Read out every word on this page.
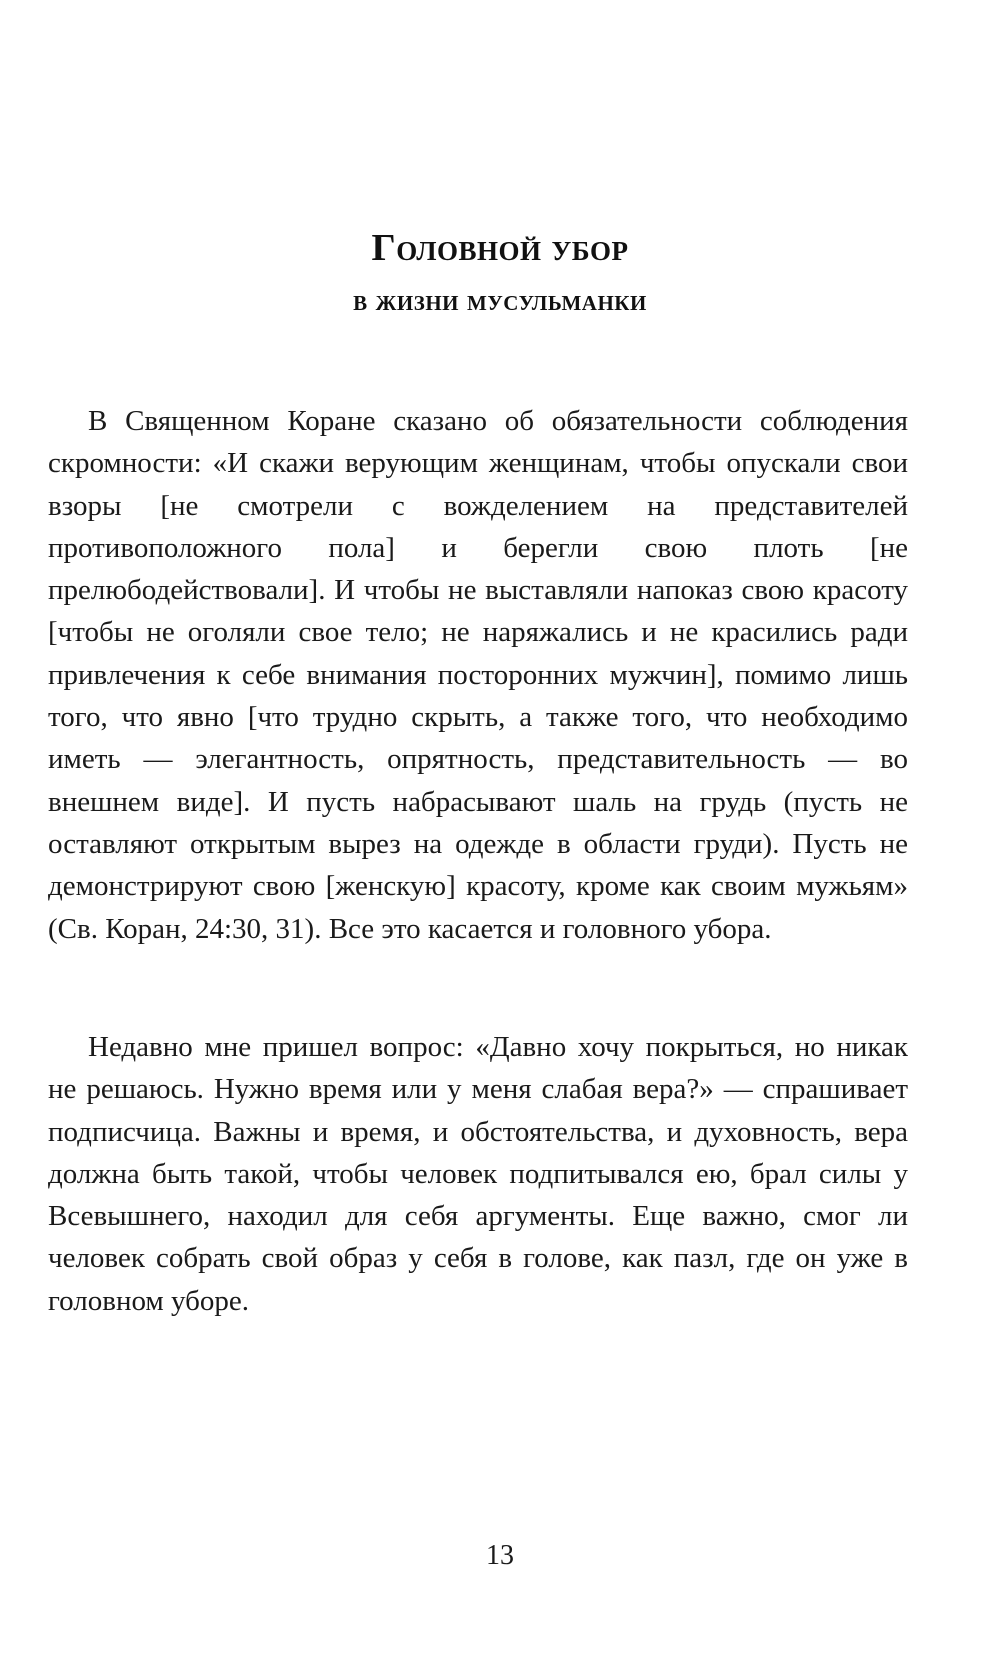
Головной убор
в жизни мусульманки

В Священном Коране сказано об обязательности соблюдения скромности: «И скажи верующим женщинам, чтобы опускали свои взоры [не смотрели с вожделением на представителей противоположного пола] и берегли свою плоть [не прелюбодействовали]. И чтобы не выставляли напоказ свою красоту [чтобы не оголяли свое тело; не наряжались и не красились ради привлечения к себе внимания посторонних мужчин], помимо лишь того, что явно [что трудно скрыть, а также того, что необходимо иметь — элегантность, опрятность, представительность — во внешнем виде]. И пусть набрасывают шаль на грудь (пусть не оставляют открытым вырез на одежде в области груди). Пусть не демонстрируют свою [женскую] красоту, кроме как своим мужьям» (Св. Коран, 24:30, 31). Все это касается и головного убора.

Недавно мне пришел вопрос: «Давно хочу покрыться, но никак не решаюсь. Нужно время или у меня слабая вера?» — спрашивает подписчица. Важны и время, и обстоятельства, и духовность, вера должна быть такой, чтобы человек подпитывался ею, брал силы у Всевышнего, находил для себя аргументы. Еще важно, смог ли человек собрать свой образ у себя в голове, как пазл, где он уже в головном уборе.

13
